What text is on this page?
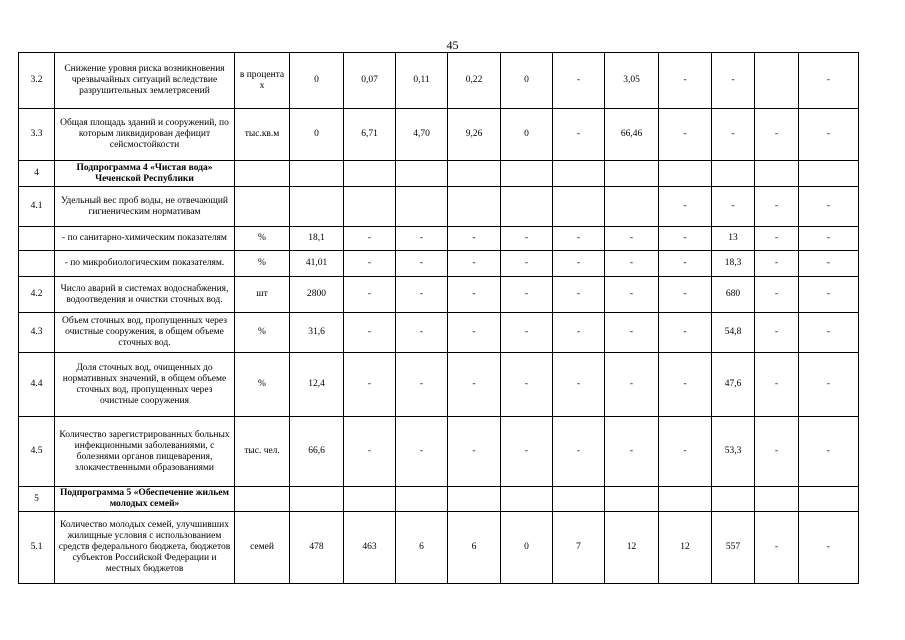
45
3.2	Снижение уровня риска возникновения чрезвычайных ситуаций вследствие разрушительных землетрясений	в процента х	0	0,07	0,11	0,22	0	-	3,05	-	-		-
3.3	Общая площадь зданий и сооружений, по которым ликвидирован дефицит сейсмостойкости	тыс.кв.м	0	6,71	4,70	9,26	0	-	66,46	-	-	-	-
4	Подпрограмма 4 «Чистая вода» Чеченской Республики												
4.1	Удельный вес проб воды, не отвечающий гигиеническим нормативам									-	-	-	-
	- по санитарно-химическим показателям	%	18,1	-	-	-	-	-	-	-	13	-	-
	- по микробиологическим показателям.	%	41,01	-	-	-	-	-	-	-	18,3	-	-
4.2	Число аварий в системах водоснабжения, водоотведения и очистки сточных вод.	шт	2800	-	-	-	-	-	-	-	680	-	-
4.3	Объем сточных вод, пропущенных через очистные сооружения, в общем объеме сточных вод.	%	31,6	-	-	-	-	-	-	-	54,8	-	-
4.4	Доля сточных вод, очищенных до нормативных значений, в общем объеме сточных вод, пропущенных через очистные сооружения	%	12,4	-	-	-	-	-	-	-	47,6	-	-
4.5	Количество зарегистрированных больных инфекционными заболеваниями, с болезнями органов пищеварения, злокачественными образованиями	тыс. чел.	66,6	-	-	-	-	-	-	-	53,3	-	-
5	Подпрограмма 5 «Обеспечение жильем молодых семей»												
5.1	Количество молодых семей, улучшивших жилищные условия с использованием средств федерального бюджета, бюджетов субъектов Российской Федерации и местных бюджетов	семей	478	463	6	6	0	7	12	12	557	-	-
